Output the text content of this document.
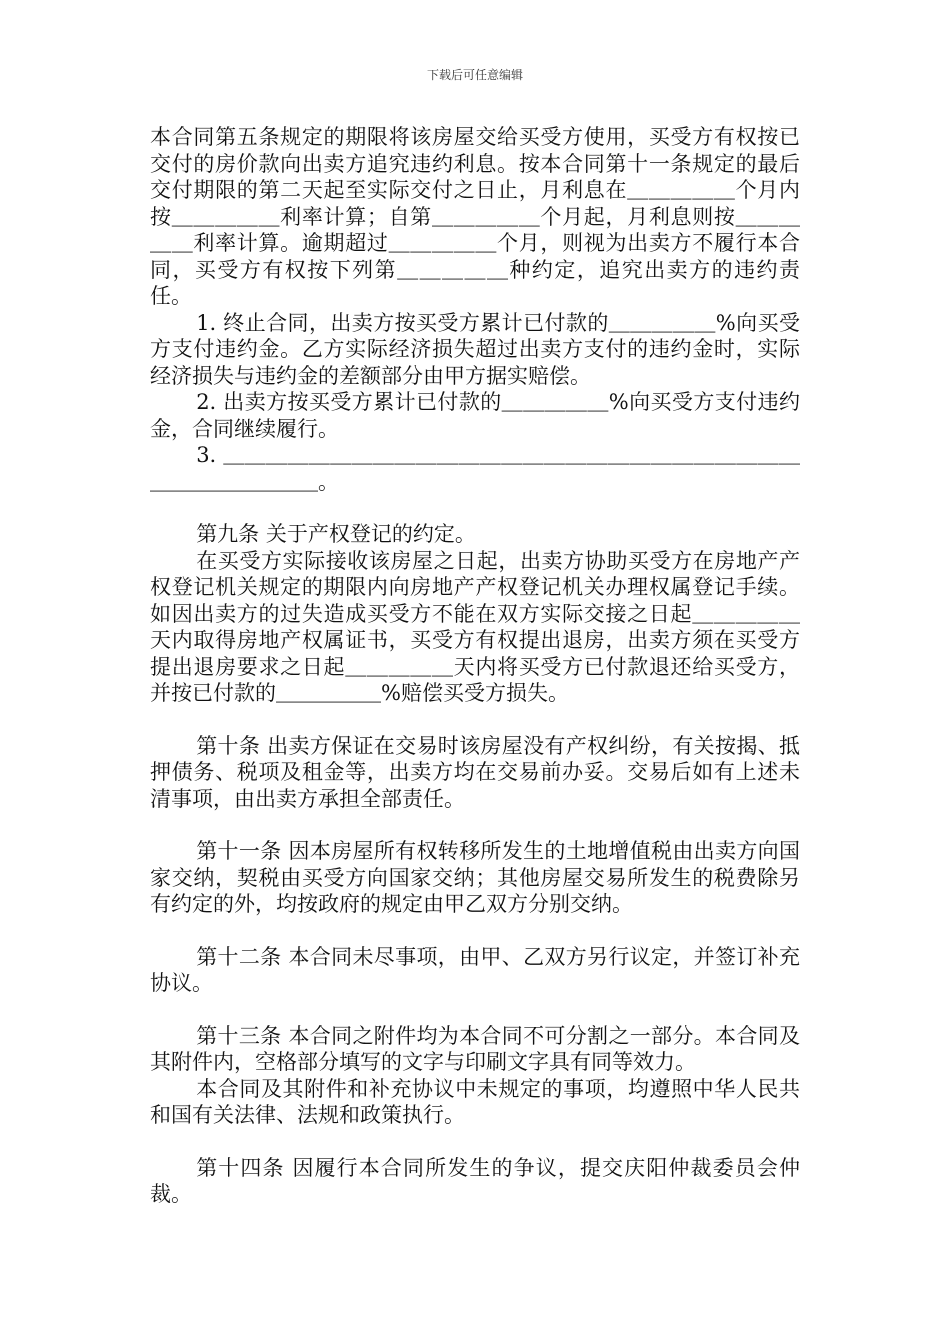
下载后可任意编辑

本合同第五条规定的期限将该房屋交给买受方使用，买受方有权按已交付的房价款向出卖方追究违约利息。按本合同第十一条规定的最后交付期限的第二天起至实际交付之日止，月利息在＿＿＿＿＿个月内按＿＿＿＿＿利率计算；自第＿＿＿＿＿个月起，月利息则按＿＿＿＿＿利率计算。逾期超过＿＿＿＿＿个月，则视为出卖方不履行本合同，买受方有权按下列第＿＿＿＿＿种约定，追究出卖方的违约责任。

1. 终止合同，出卖方按买受方累计已付款的＿＿＿＿＿%向买受方支付违约金。乙方实际经济损失超过出卖方支付的违约金时，实际经济损失与违约金的差额部分由甲方据实赔偿。

2. 出卖方按买受方累计已付款的＿＿＿＿＿%向买受方支付违约金，合同继续履行。

3. ＿＿＿＿＿＿＿＿＿＿＿＿＿＿＿＿＿＿＿＿＿＿＿＿＿＿＿＿＿＿＿＿＿＿＿。

第九条 关于产权登记的约定。

在买受方实际接收该房屋之日起，出卖方协助买受方在房地产产权登记机关规定的期限内向房地产产权登记机关办理权属登记手续。如因出卖方的过失造成买受方不能在双方实际交接之日起＿＿＿＿＿天内取得房地产权属证书，买受方有权提出退房，出卖方须在买受方提出退房要求之日起＿＿＿＿＿天内将买受方已付款退还给买受方，并按已付款的＿＿＿＿＿%赔偿买受方损失。

第十条 出卖方保证在交易时该房屋没有产权纠纷，有关按揭、抵押债务、税项及租金等，出卖方均在交易前办妥。交易后如有上述未清事项，由出卖方承担全部责任。

第十一条 因本房屋所有权转移所发生的土地增值税由出卖方向国家交纳，契税由买受方向国家交纳；其他房屋交易所发生的税费除另有约定的外，均按政府的规定由甲乙双方分别交纳。

第十二条 本合同未尽事项，由甲、乙双方另行议定，并签订补充协议。

第十三条 本合同之附件均为本合同不可分割之一部分。本合同及其附件内，空格部分填写的文字与印刷文字具有同等效力。

本合同及其附件和补充协议中未规定的事项，均遵照中华人民共和国有关法律、法规和政策执行。

第十四条 因履行本合同所发生的争议，提交庆阳仲裁委员会仲裁。
